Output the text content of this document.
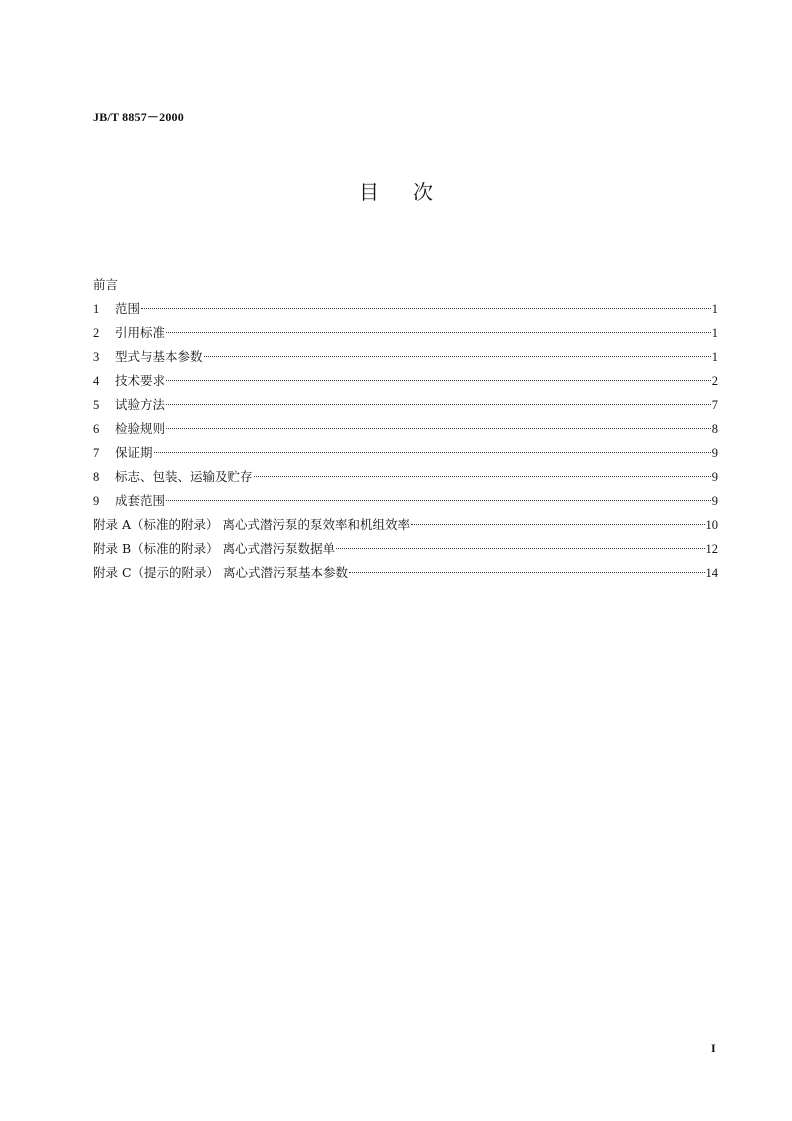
JB/T 8857－2000
目次
前言
1	范围	1
2	引用标准	1
3	型式与基本参数	1
4	技术要求	2
5	试验方法	7
6	检验规则	8
7	保证期	9
8	标志、包装、运输及贮存	9
9	成套范围	9
附录 A（标准的附录） 离心式潜污泵的泵效率和机组效率	10
附录 B（标准的附录） 离心式潜污泵数据单	12
附录 C（提示的附录） 离心式潜污泵基本参数	14
I
